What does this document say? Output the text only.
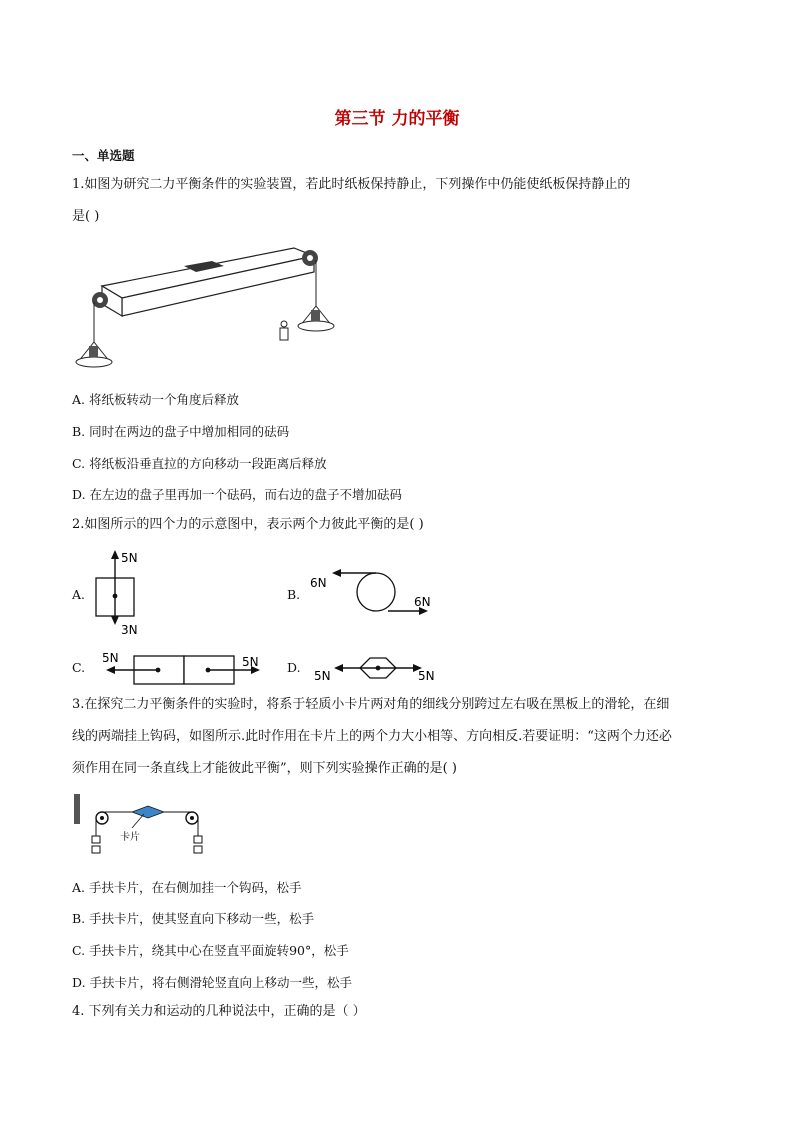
第三节 力的平衡
一、单选题
1.如图为研究二力平衡条件的实验装置，若此时纸板保持静止，下列操作中仍能使纸板保持静止的
是( )
A. 将纸板转动一个角度后释放
B. 同时在两边的盘子中增加相同的砝码
C. 将纸板沿垂直拉的方向移动一段距离后释放
D. 在左边的盘子里再加一个砝码，而右边的盘子不增加砝码
2.如图所示的四个力的示意图中，表示两个力彼此平衡的是( )
A.
5N
3N
B.
6N
6N
C.
5N	5N D.
5N	5N
3.在探究二力平衡条件的实验时，将系于轻质小卡片两对角的细线分别跨过左右吸在黑板上的滑轮，在细
线的两端挂上钩码，如图所示.此时作用在卡片上的两个力大小相等、方向相反.若要证明：“这两个力还必
须作用在同一条直线上才能彼此平衡”，则下列实验操作正确的是( )
卡片
A. 手扶卡片，在右侧加挂一个钩码，松手
B. 手扶卡片，使其竖直向下移动一些，松手
C. 手扶卡片，绕其中心在竖直平面旋转90°，松手
D. 手扶卡片，将右侧滑轮竖直向上移动一些，松手
4. 下列有关力和运动的几种说法中，正确的是（ ）
